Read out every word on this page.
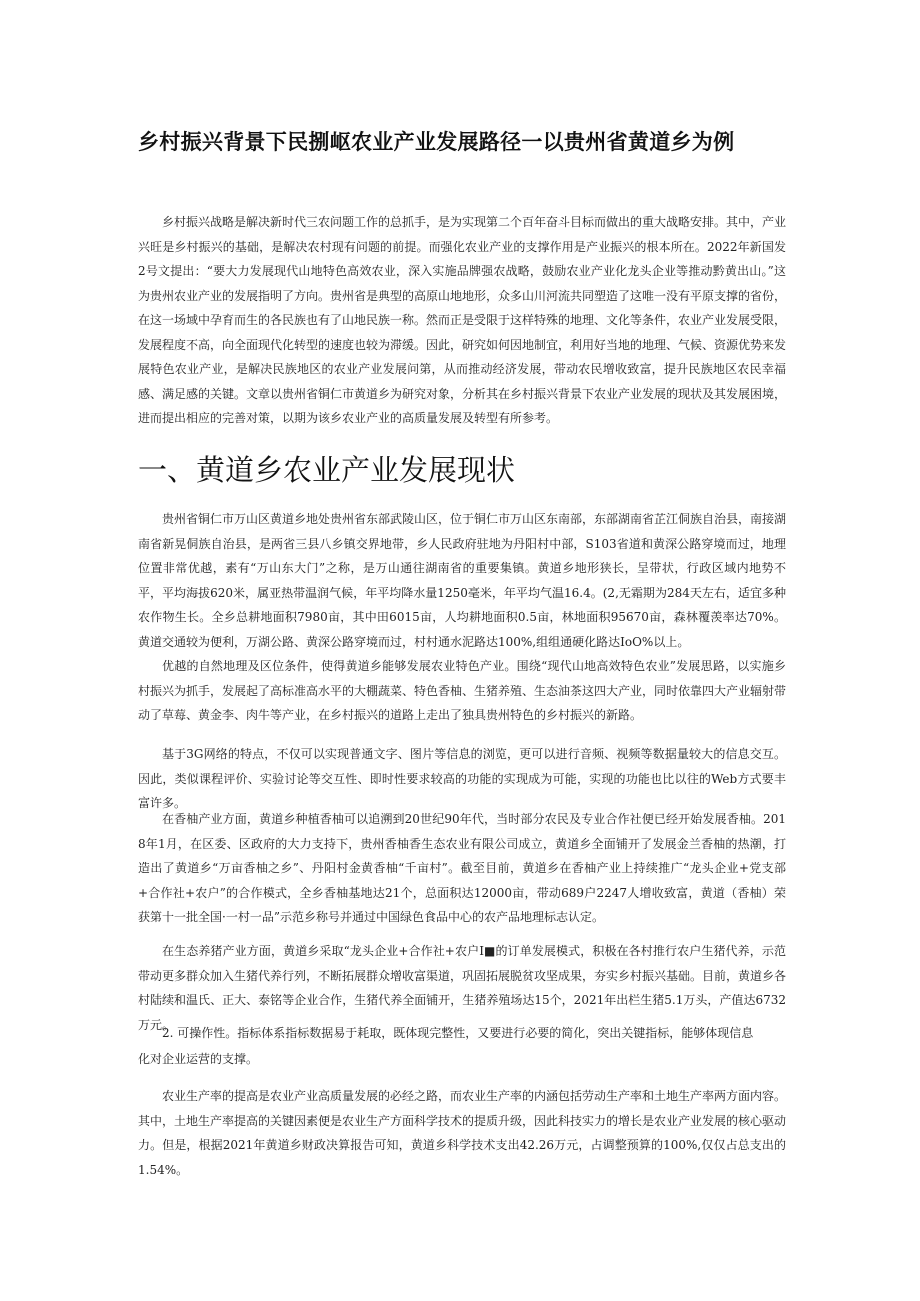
乡村振兴背景下民捌岖农业产业发展路径一以贵州省黄道乡为例

乡村振兴战略是解决新时代三农问题工作的总抓手，是为实现第二个百年奋斗目标而做出的重大战略安排。其中，产业兴旺是乡村振兴的基础，是解决农村现有问题的前提。而强化农业产业的支撑作用是产业振兴的根本所在。2022年新国发2号文提出：“要大力发展现代山地特色高效农业，深入实施品牌强农战略，鼓励农业产业化龙头企业等推动黔黄出山。”这为贵州农业产业的发展指明了方向。贵州省是典型的高原山地地形，众多山川河流共同塑造了这唯一没有平原支撑的省份，在这一场域中孕育而生的各民族也有了山地民族一称。然而正是受限于这样特殊的地理、文化等条件，农业产业发展受限，发展程度不高，向全面现代化转型的速度也较为滞缓。因此，研究如何因地制宜，利用好当地的地理、气候、资源优势来发展特色农业产业，是解决民族地区的农业产业发展问第，从而推动经济发展，带动农民增收致富，提升民族地区农民幸福感、满足感的关键。文章以贵州省铜仁市黄道乡为研究对象，分析其在乡村振兴背景下农业产业发展的现状及其发展困境，进而提出相应的完善对策，以期为该乡农业产业的高质量发展及转型有所参考。

一、黄道乡农业产业发展现状

贵州省铜仁市万山区黄道乡地处贵州省东部武陵山区，位于铜仁市万山区东南部，东部湖南省芷江侗族自治县，南接湖南省新晃侗族自治县，是两省三县八乡镇交界地带，乡人民政府驻地为丹阳村中部，S103省道和黄深公路穿境而过，地理位置非常优越，素有“万山东大门”之称，是万山通往湖南省的重要集镇。黄道乡地形狭长，呈带状，行政区域内地势不平，平均海拔620米，属亚热带温润气候，年平均降水量1250毫米，年平均气温16.4。(2,无霜期为284天左右，适宜多种农作物生长。全乡总耕地面积7980亩，其中田6015亩，人均耕地面积0.5亩，林地面积95670亩，森林覆羡率达70%。黄道交通较为便利，万湖公路、黄深公路穿境而过，村村通水泥路达100%,组组通硬化路达IoO%以上。

优越的自然地理及区位条件，使得黄道乡能够发展农业特色产业。围绕“现代山地高效特色农业”发展思路，以实施乡村振兴为抓手，发展起了高标准高水平的大棚蔬菜、特色香柚、生猪养殖、生态油茶这四大产业，同时依靠四大产业辐射带动了草莓、黄金李、肉牛等产业，在乡村振兴的道路上走出了独具贵州特色的乡村振兴的新路。

基于3G网络的特点，不仅可以实现普通文字、图片等信息的浏览，更可以进行音频、视频等数据量较大的信息交互。因此，类似课程评价、实验讨论等交互性、即时性要求较高的功能的实现成为可能，实现的功能也比以往的Web方式要丰富许多。

在香柚产业方面，黄道乡种植香柚可以追溯到20世纪90年代，当时部分农民及专业合作社便已经开始发展香柚。2018年1月，在区委、区政府的大力支持下，贵州香柚香生态农业有限公司成立，黄道乡全面铺开了发展金兰香柚的热潮，打造出了黄道乡“万亩香柚之乡”、丹阳村金黄香柚“千亩村”。截至目前，黄道乡在香柚产业上持续推广“龙头企业+党支部+合作社+农户”的合作模式，全乡香柚基地达21个，总面积达12000亩，带动689户2247人增收致富，黄道（香柚）荣获第十一批全国·一村一品”示范乡称号并通过中国绿色食品中心的农产品地理标志认定。

在生态养猪产业方面，黄道乡采取“龙头企业+合作社+农户I■的订单发展模式，积极在各村推行农户生猪代养，示范带动更多群众加入生猪代养行列，不断拓展群众增收富渠道，巩固拓展脱贫攻坚成果，夯实乡村振兴基础。目前，黄道乡各村陆续和温氏、正大、泰铭等企业合作，生猪代养全面铺开，生猪养殖场达15个，2021年出栏生猪5.1万头，产值达6732万元。

2. 可操作性。指标体系指标数据易于耗取，既体现完整性，又要进行必要的简化，突出关键指标，能够体现信息

化对企业运营的支撑。

农业生产率的提高是农业产业高质量发展的必经之路，而农业生产率的内涵包括劳动生产率和土地生产率两方面内容。其中，土地生产率提高的关键因素便是农业生产方面科学技术的提质升级，因此科技实力的增长是农业产业发展的核心驱动力。但是，根据2021年黄道乡财政决算报告可知，黄道乡科学技术支出42.26万元，占调整预算的100%,仅仅占总支出的1.54%。
